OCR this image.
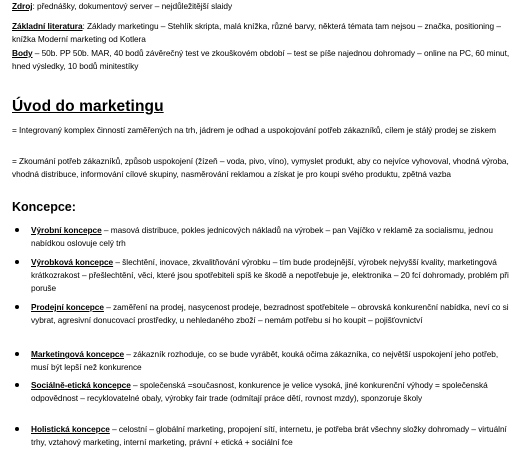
Zdroj: přednášky, dokumentový server – nejdůležitější slaidy

Základní literatura: Základy marketingu – Stehlík skripta, malá knížka, různé barvy, některá témata tam nejsou – značka, positioning – knížka Moderní marketing od Kotlera

Body – 50b. PP 50b. MAR, 40 bodů závěrečný test ve zkouškovém období – test se píše najednou dohromady – online na PC, 60 minut, hned výsledky, 10 bodů minitestíky

Úvod do marketingu

= Integrovaný komplex činností zaměřených na trh, jádrem je odhad a uspokojování potřeb zákazníků, cílem je stálý prodej se ziskem

= Zkoumání potřeb zákazníků, způsob uspokojení (žízeň – voda, pivo, víno), vymyslet produkt, aby co nejvíce vyhovoval, vhodná výroba, vhodná distribuce, informování cílové skupiny, nasměrování reklamou a získat je pro koupi svého produktu, zpětná vazba

Koncepce:
Výrobní koncepce – masová distribuce, pokles jednicových nákladů na výrobek – pan Vajíčko v reklamě za socialismu, jednou nabídkou oslovuje celý trh
Výrobková koncepce – šlechtění, inovace, zkvalitňování výrobku – tím bude prodejnější, výrobek nejvyšší kvality, marketingová krátkozrakost – přešlechtění, věci, které jsou spotřebiteli spíš ke škodě a nepotřebuje je, elektronika – 20 fcí dohromady, problém při poruše
Prodejní koncepce – zaměření na prodej, nasycenost prodeje, bezradnost spotřebitele – obrovská konkurenční nabídka, neví co si vybrat, agresivní donucovací prostředky, u nehledaného zboží – nemám potřebu si ho koupit – pojišťovnictví
Marketingová koncepce – zákazník rozhoduje, co se bude vyrábět, kouká očima zákazníka, co největší uspokojení jeho potřeb, musí být lepší než konkurence
Sociálně-etická koncepce – společenská =současnost, konkurence je velice vysoká, jiné konkurenční výhody = společenská odpovědnost – recyklovatelné obaly, výrobky fair trade (odmítají práce dětí, rovnost mzdy), sponzoruje školy
Holistická koncepce – celostní – globální marketing, propojení sítí, internetu, je potřeba brát všechny složky dohromady – virtuální trhy, vztahový marketing, interní marketing, právní + etická + sociální fce
